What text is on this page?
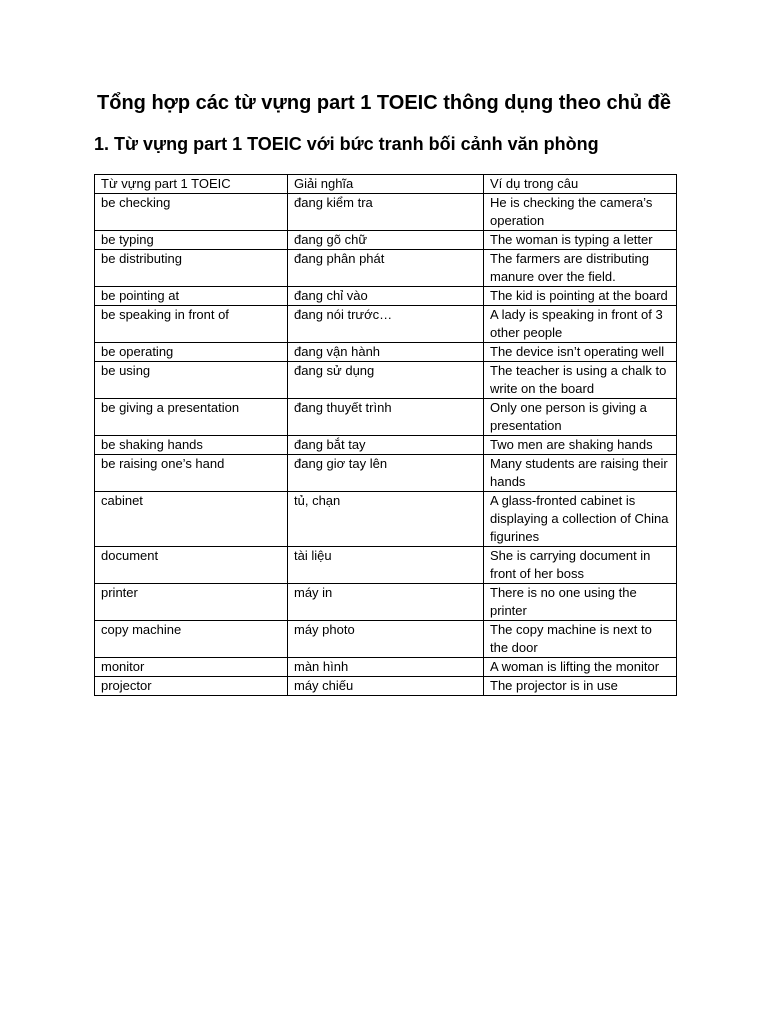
Tổng hợp các từ vựng part 1 TOEIC thông dụng theo chủ đề
1. Từ vựng part 1 TOEIC với bức tranh bối cảnh văn phòng
Từ vựng part 1 TOEIC	Giải nghĩa	Ví dụ trong câu
be checking	đang kiểm tra	He is checking the camera’s operation
be typing	đang gõ chữ	The woman is typing a letter
be distributing	đang phân phát	The farmers are distributing manure over the field.
be pointing at	đang chỉ vào	The kid is pointing at the board
be speaking in front of	đang nói trước…	A lady is speaking in front of 3 other people
be operating	đang vận hành	The device isn’t operating well
be using	đang sử dụng	The teacher is using a chalk to write on the board
be giving a presentation	đang thuyết trình	Only one person is giving a presentation
be shaking hands	đang bắt tay	Two men are shaking hands
be raising one’s hand	đang giơ tay lên	Many students are raising their hands
cabinet	tủ, chạn	A glass-fronted cabinet is displaying a collection of China figurines
document	tài liệu	She is carrying document in front of her boss
printer	máy in	There is no one using the printer
copy machine	máy photo	The copy machine is next to the door
monitor	màn hình	A woman is lifting the monitor
projector	máy chiếu	The projector is in use
